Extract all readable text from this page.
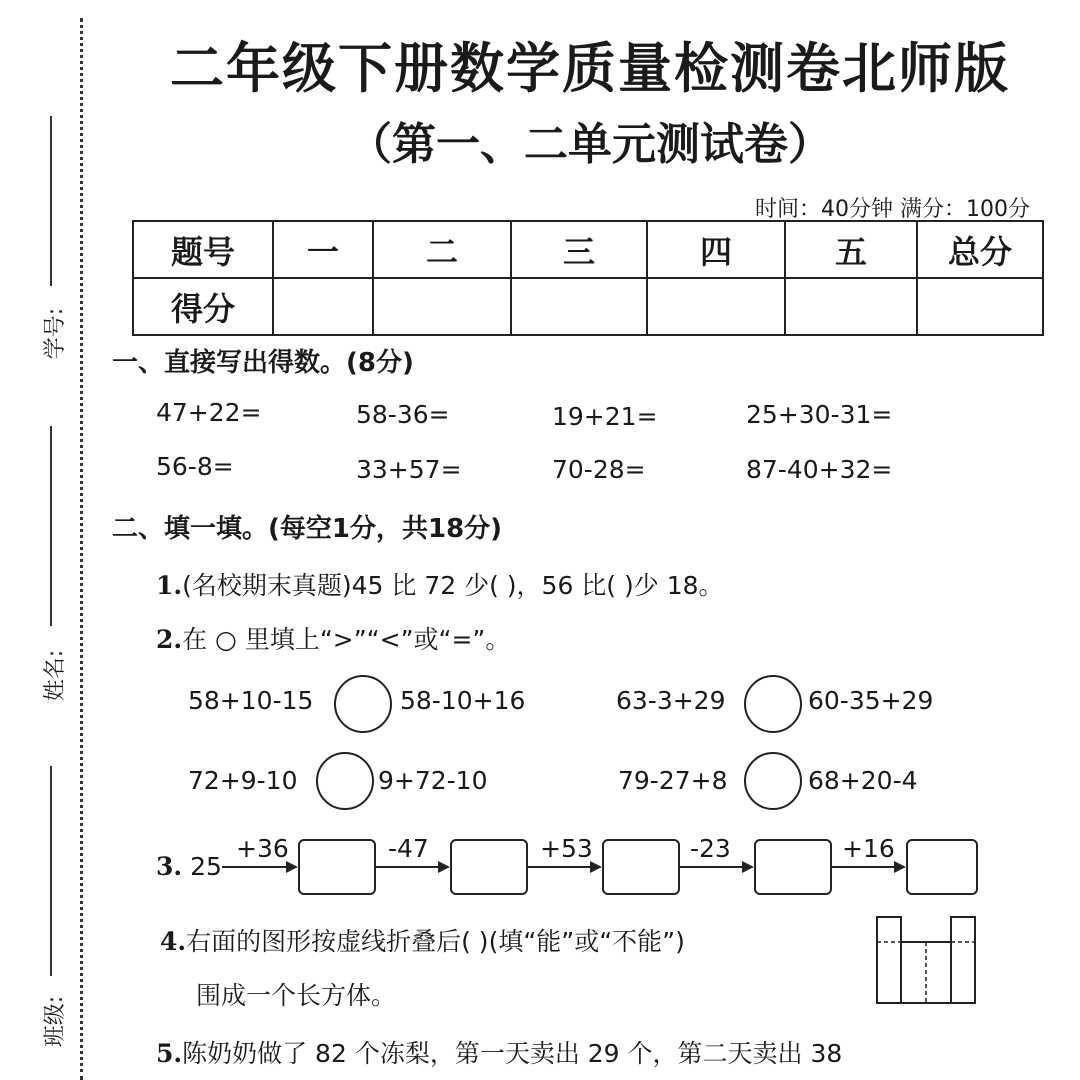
学号:
姓名:
班级:
二年级下册数学质量检测卷北师版
（第一、二单元测试卷）
时间：40分钟 满分：100分
题号	一	二	三	四	五	总分
得分						
一、直接写出得数。(8分)
47+22=	58-36=	19+21=	25+30-31=
56-8=	33+57=	70-28=	87-40+32=
二、填一填。(每空1分，共18分)
1.(名校期末真题)45 比 72 少( )，56 比( )少 18。
2.在 ○ 里填上“>”“<”或“=”。
58+10-15	58-10+16	63-3+29	60-35+29
72+9-10	9+72-10	79-27+8	68+20-4
3. 25
+36	-47	+53	-23	+16
4.右面的图形按虚线折叠后( )(填“能”或“不能”)
围成一个长方体。
5.陈奶奶做了 82 个冻梨，第一天卖出 29 个，第二天卖出 38
